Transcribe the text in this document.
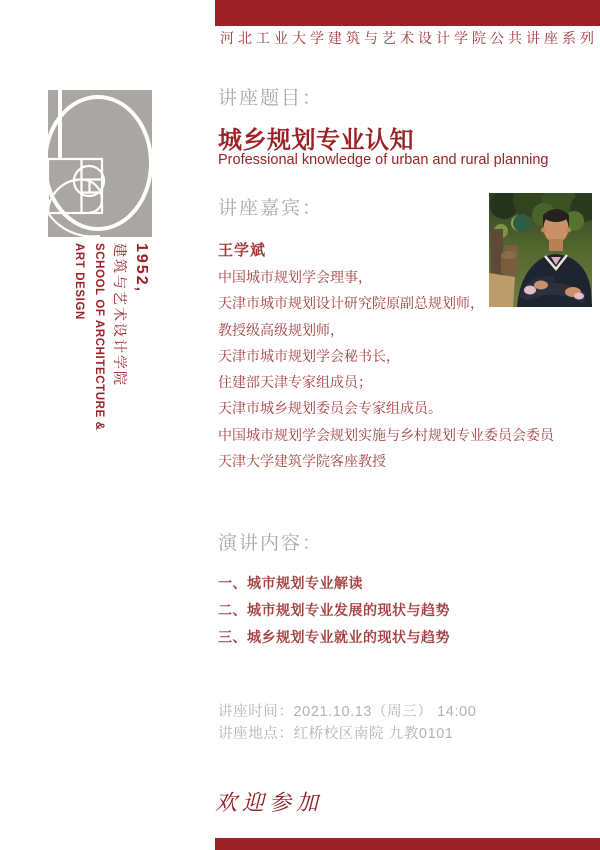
河北工业大学建筑与艺术设计学院公共讲座系列
1952,
建筑与艺术设计学院
SCHOOL OF ARCHITECTURE &
ART DESIGN
讲座题目：
城乡规划专业认知
Professional knowledge of urban and rural planning
讲座嘉宾：
王学斌
中国城市规划学会理事，
天津市城市规划设计研究院原副总规划师，
教授级高级规划师，
天津市城市规划学会秘书长，
住建部天津专家组成员；
天津市城乡规划委员会专家组成员。
中国城市规划学会规划实施与乡村规划专业委员会委员
天津大学建筑学院客座教授
演讲内容：
一、城市规划专业解读
二、城市规划专业发展的现状与趋势
三、城乡规划专业就业的现状与趋势
讲座时间：2021.10.13（周三） 14:00
讲座地点：红桥校区南院 九教0101
欢迎参加
